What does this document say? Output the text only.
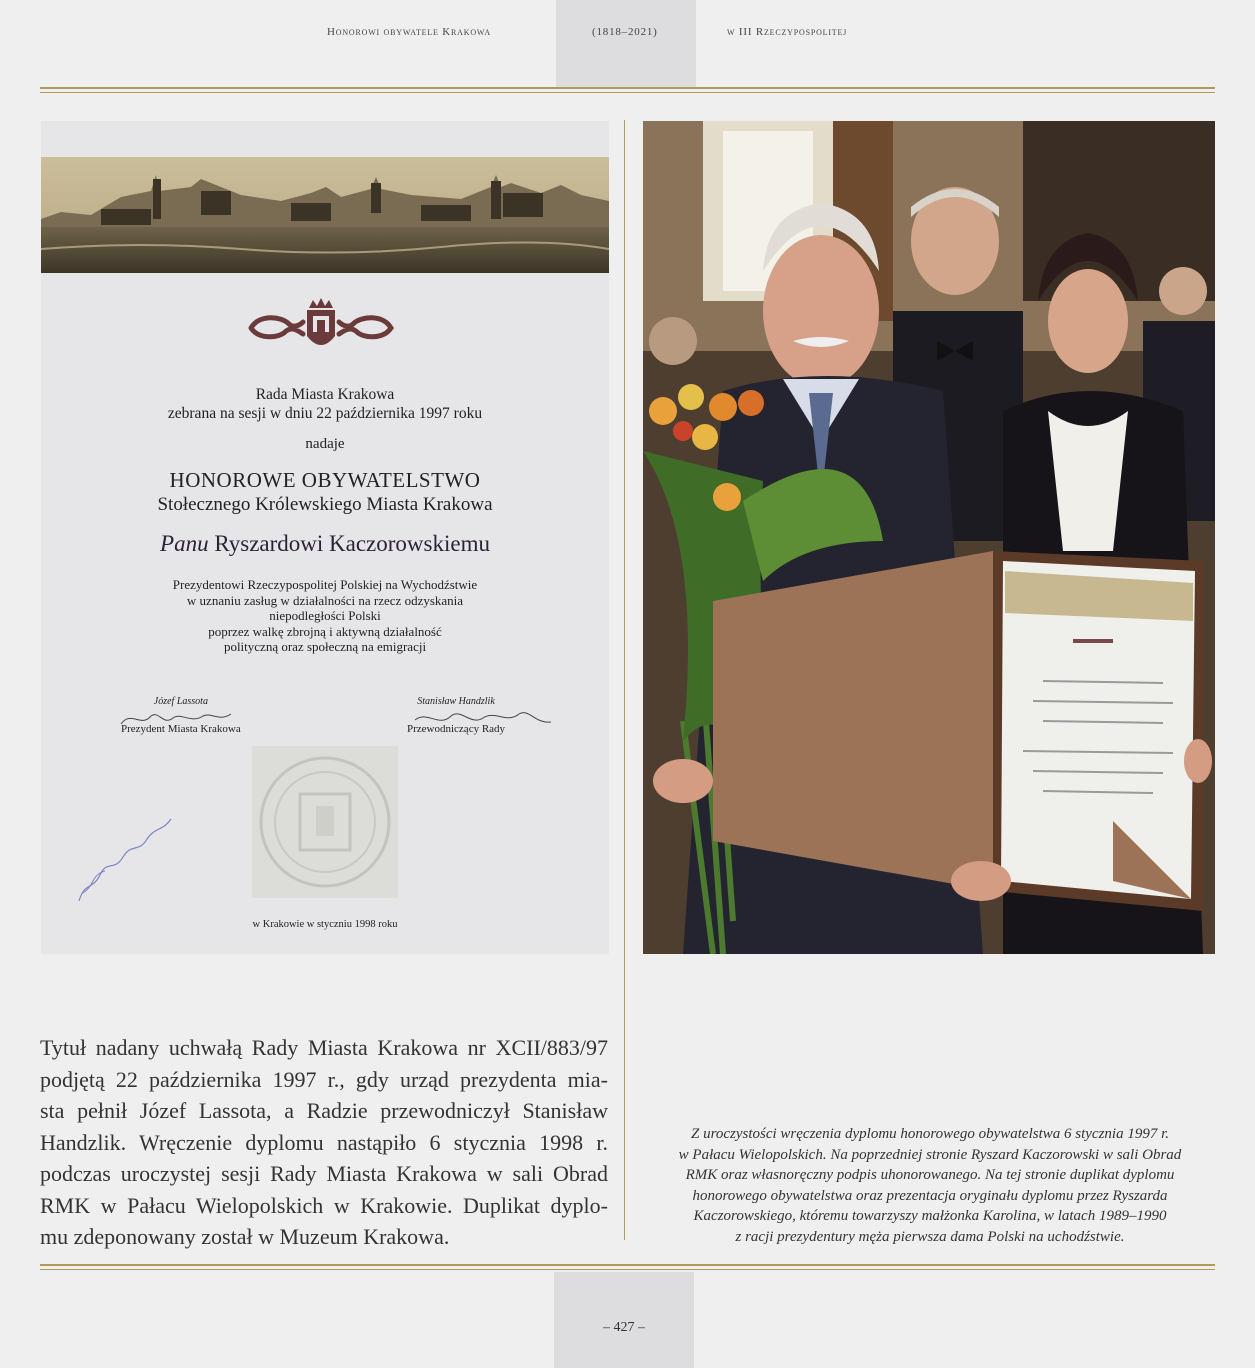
Honorowi obywatele Krakowa	(1818–2021)	w III Rzeczypospolitej
Rada Miasta Krakowa
zebrana na sesji w dniu 22 października 1997 roku
nadaje
HONOROWE OBYWATELSTWO
Stołecznego Królewskiego Miasta Krakowa
Panu Ryszardowi Kaczorowskiemu
Prezydentowi Rzeczypospolitej Polskiej na Wychodźstwie
w uznaniu zasług w działalności na rzecz odzyskania
niepodległości Polski
poprzez walkę zbrojną i aktywną działalność
polityczną oraz społeczną na emigracji
Józef Lassota
Prezydent Miasta Krakowa
Stanisław Handzlik
Przewodniczący Rady
w Krakowie w styczniu 1998 roku
Tytuł nadany uchwałą Rady Miasta Krakowa nr XCII/883/97
podjętą 22 października 1997 r., gdy urząd prezydenta mia-
sta pełnił Józef Lassota, a Radzie przewodniczył Stanisław
Handzlik. Wręczenie dyplomu nastąpiło 6 stycznia 1998 r.
podczas uroczystej sesji Rady Miasta Krakowa w sali Obrad
RMK w Pałacu Wielopolskich w Krakowie. Duplikat dyplo-
mu zdeponowany został w Muzeum Krakowa.
Z uroczystości wręczenia dyplomu honorowego obywatelstwa 6 stycznia 1997 r.
w Pałacu Wielopolskich. Na poprzedniej stronie Ryszard Kaczorowski w sali Obrad
RMK oraz własnoręczny podpis uhonorowanego. Na tej stronie duplikat dyplomu
honorowego obywatelstwa oraz prezentacja oryginału dyplomu przez Ryszarda
Kaczorowskiego, któremu towarzyszy małżonka Karolina, w latach 1989–1990
z racji prezydentury męża pierwsza dama Polski na uchodźstwie.
– 427 –
